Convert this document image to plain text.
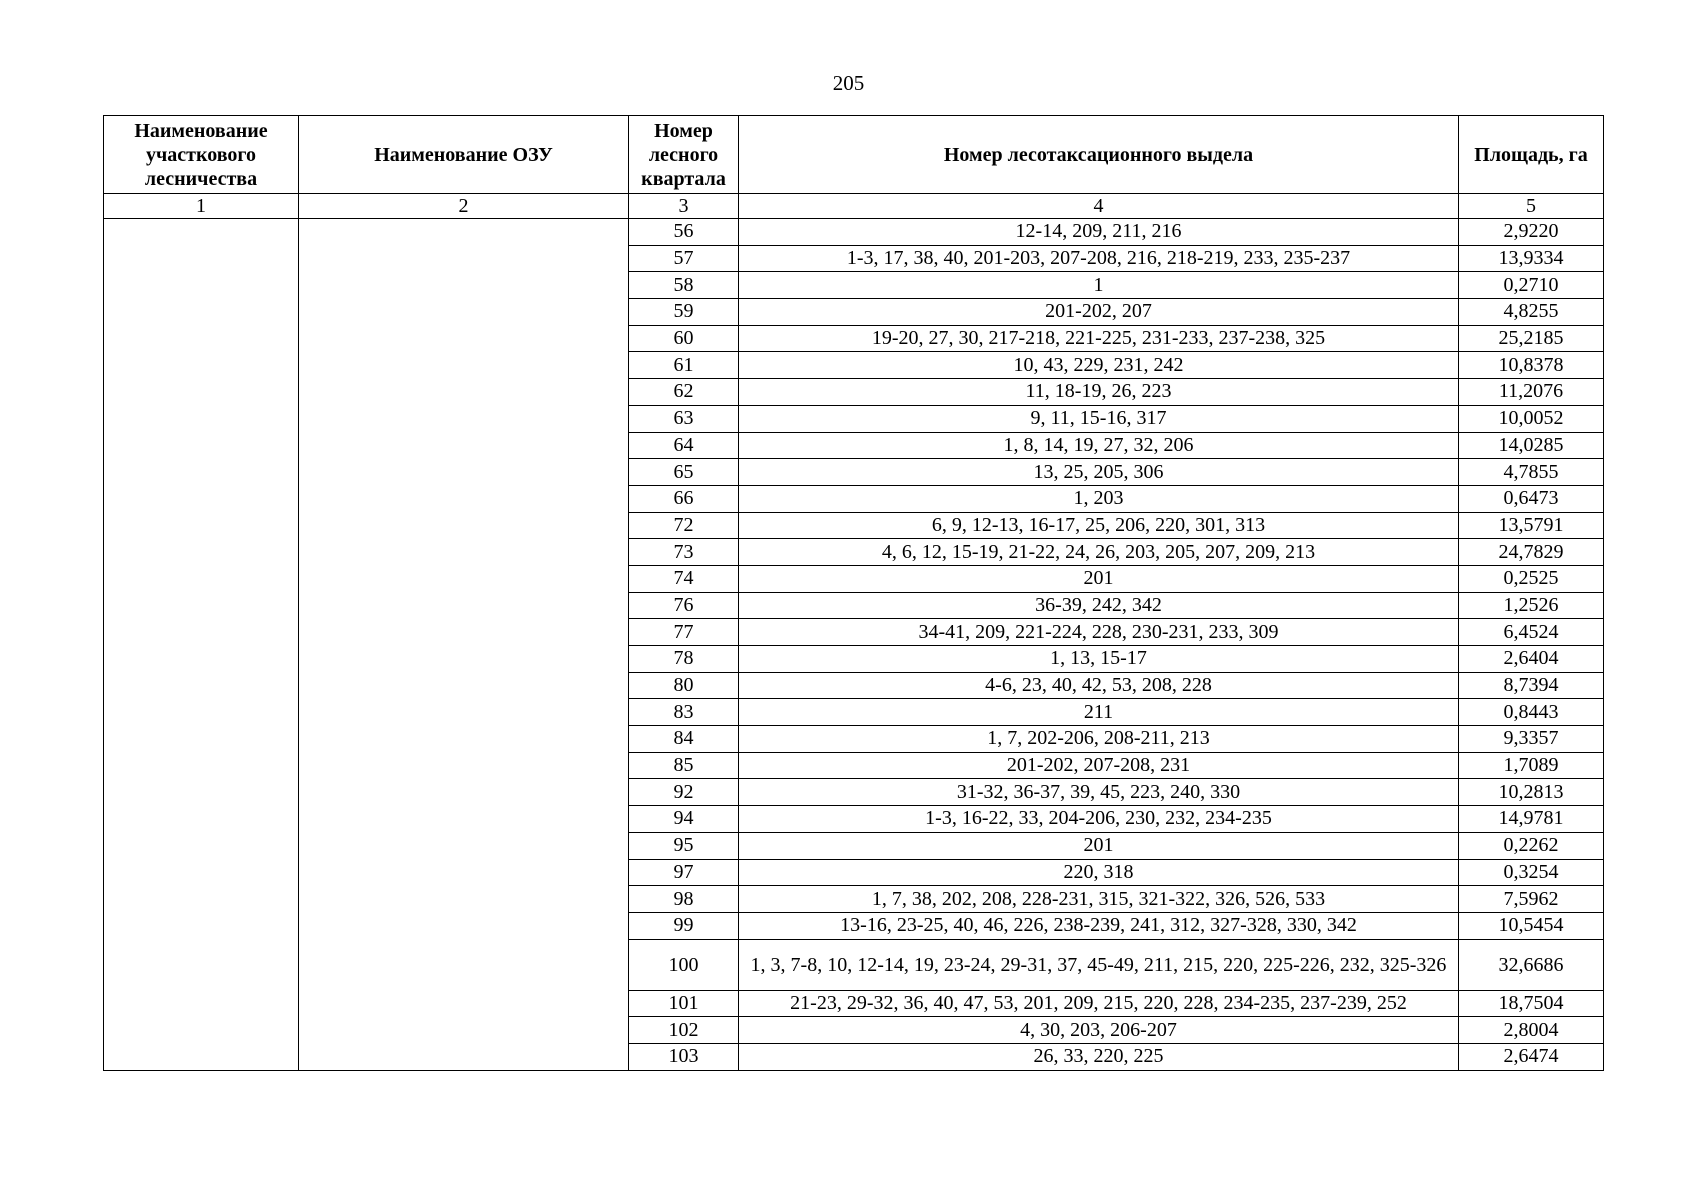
205
Наименование участкового лесничества	Наименование ОЗУ	Номер лесного квартала	Номер лесотаксационного выдела	Площадь, га
1	2	3	4	5
		56	12-14, 209, 211, 216	2,9220
		57	1-3, 17, 38, 40, 201-203, 207-208, 216, 218-219, 233, 235-237	13,9334
		58	1	0,2710
		59	201-202, 207	4,8255
		60	19-20, 27, 30, 217-218, 221-225, 231-233, 237-238, 325	25,2185
		61	10, 43, 229, 231, 242	10,8378
		62	11, 18-19, 26, 223	11,2076
		63	9, 11, 15-16, 317	10,0052
		64	1, 8, 14, 19, 27, 32, 206	14,0285
		65	13, 25, 205, 306	4,7855
		66	1, 203	0,6473
		72	6, 9, 12-13, 16-17, 25, 206, 220, 301, 313	13,5791
		73	4, 6, 12, 15-19, 21-22, 24, 26, 203, 205, 207, 209, 213	24,7829
		74	201	0,2525
		76	36-39, 242, 342	1,2526
		77	34-41, 209, 221-224, 228, 230-231, 233, 309	6,4524
		78	1, 13, 15-17	2,6404
		80	4-6, 23, 40, 42, 53, 208, 228	8,7394
		83	211	0,8443
		84	1, 7, 202-206, 208-211, 213	9,3357
		85	201-202, 207-208, 231	1,7089
		92	31-32, 36-37, 39, 45, 223, 240, 330	10,2813
		94	1-3, 16-22, 33, 204-206, 230, 232, 234-235	14,9781
		95	201	0,2262
		97	220, 318	0,3254
		98	1, 7, 38, 202, 208, 228-231, 315, 321-322, 326, 526, 533	7,5962
		99	13-16, 23-25, 40, 46, 226, 238-239, 241, 312, 327-328, 330, 342	10,5454
		100	1, 3, 7-8, 10, 12-14, 19, 23-24, 29-31, 37, 45-49, 211, 215, 220, 225-226, 232, 325-326	32,6686
		101	21-23, 29-32, 36, 40, 47, 53, 201, 209, 215, 220, 228, 234-235, 237-239, 252	18,7504
		102	4, 30, 203, 206-207	2,8004
		103	26, 33, 220, 225	2,6474
